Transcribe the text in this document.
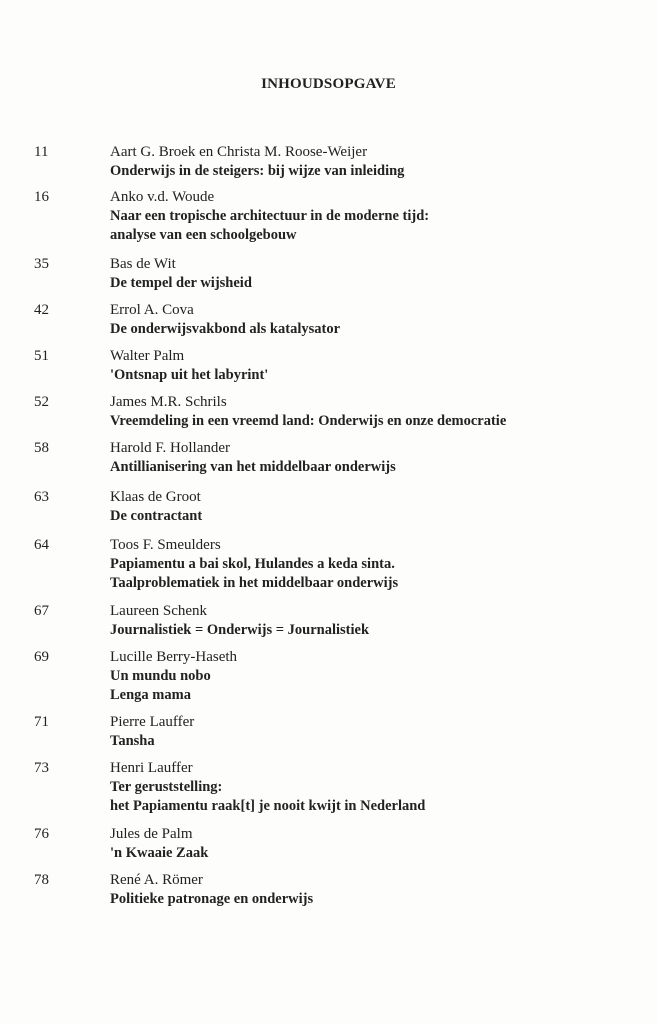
INHOUDSOPGAVE
11	Aart G. Broek en Christa M. Roose-Weijer
Onderwijs in de steigers: bij wijze van inleiding
16	Anko v.d. Woude
Naar een tropische architectuur in de moderne tijd:
analyse van een schoolgebouw
35	Bas de Wit
De tempel der wijsheid
42	Errol A. Cova
De onderwijsvakbond als katalysator
51	Walter Palm
'Ontsnap uit het labyrint'
52	James M.R. Schrils
Vreemdeling in een vreemd land: Onderwijs en onze democratie
58	Harold F. Hollander
Antillianisering van het middelbaar onderwijs
63	Klaas de Groot
De contractant
64	Toos F. Smeulders
Papiamentu a bai skol, Hulandes a keda sinta.
Taalproblematiek in het middelbaar onderwijs
67	Laureen Schenk
Journalistiek = Onderwijs = Journalistiek
69	Lucille Berry-Haseth
Un mundu nobo
Lenga mama
71	Pierre Lauffer
Tansha
73	Henri Lauffer
Ter geruststelling:
het Papiamentu raak[t] je nooit kwijt in Nederland
76	Jules de Palm
'n Kwaaie Zaak
78	René A. Römer
Politieke patronage en onderwijs
